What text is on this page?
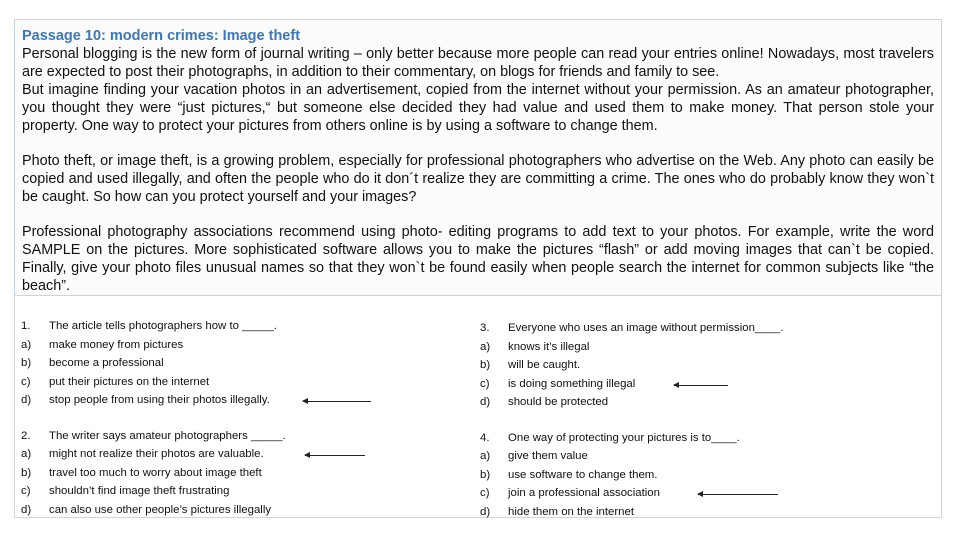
Passage 10: modern crimes: Image theft
Personal blogging is the new form of journal writing – only better because more people can read your entries online! Nowadays, most travelers are expected to post their photographs, in addition to their commentary, on blogs for friends and family to see.
But imagine finding your vacation photos in an advertisement, copied from the internet without your permission. As an amateur photographer, you thought they were “just pictures,“ but someone else decided they had value and used them to make money. That person stole your property. One way to protect your pictures from others online is by using a software to change them.
Photo theft, or image theft, is a growing problem, especially for professional photographers who advertise on the Web. Any photo can easily be copied and used illegally, and often the people who do it don´t realize they are committing a crime. The ones who do probably know they won`t be caught. So how can you protect yourself and your images?
Professional photography associations recommend using photo- editing programs to add text to your photos. For example, write the word SAMPLE on the pictures. More sophisticated software allows you to make the pictures “flash” or add moving images that can`t be copied. Finally, give your photo files unusual names so that they won`t be found easily when people search the internet for common subjects like “the beach”.
1. The article tells photographers how to _____.
a) make money from pictures
b) become a professional
c) put their pictures on the internet
d) stop people from using their photos illegally.
2. The writer says amateur photographers _____.
a) might not realize their photos are valuable.
b) travel too much to worry about image theft
c) shouldn’t find image theft frustrating
d) can also use other people’s pictures illegally
3. Everyone who uses an image without permission____.
a) knows it’s illegal
b) will be caught.
c) is doing something illegal
d) should be protected
4. One way of protecting your pictures is to____.
a) give them value
b) use software to change them.
c) join a professional association
d) hide them on the internet
